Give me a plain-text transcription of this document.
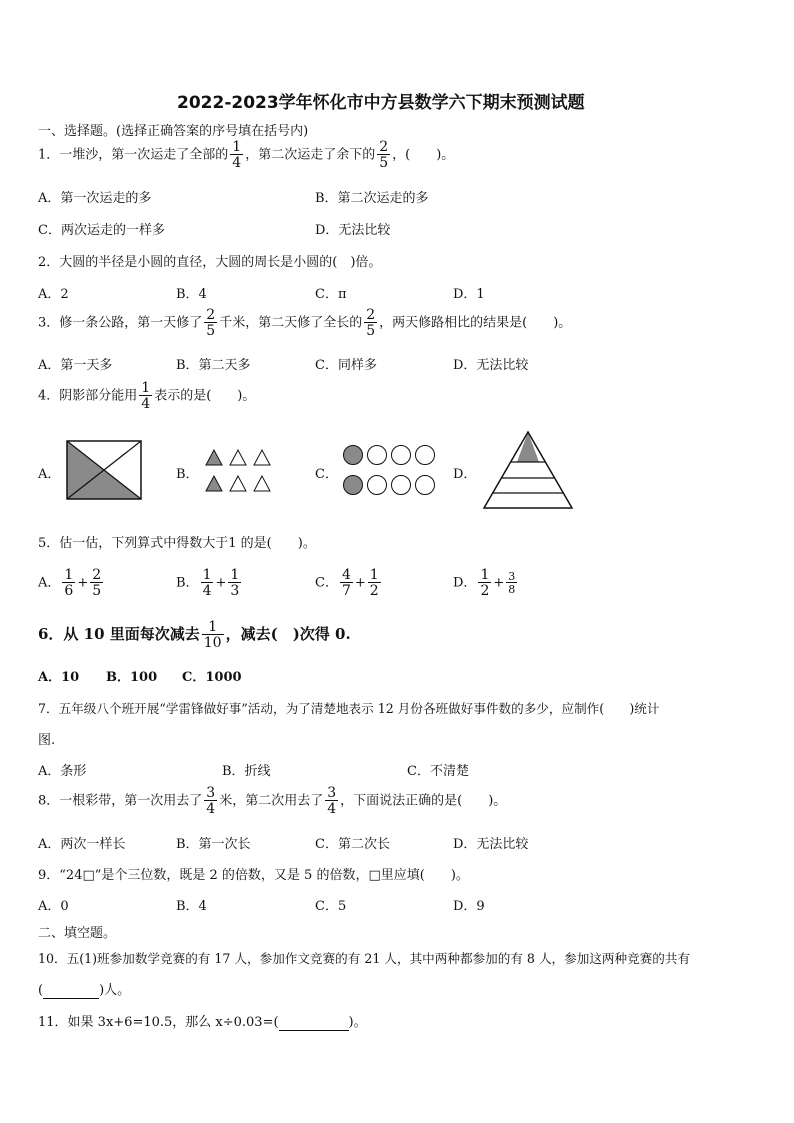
2022-2023学年怀化市中方县数学六下期末预测试题
一、选择题。(选择正确答案的序号填在括号内)
1．一堆沙，第一次运走了全部的 $\frac{1}{4}$ ，第二次运走了余下的 $\frac{2}{5}$ ，(　　)。
A．第一次运走的多	B．第二次运走的多
C．两次运走的一样多	D．无法比较
2．大圆的半径是小圆的直径，大圆的周长是小圆的(　)倍。
A．2	B．4	C．π	D．1
3．修一条公路，第一天修了 $\frac{2}{5}$ 千米，第二天修了全长的 $\frac{2}{5}$ ，两天修路相比的结果是(　　)。
A．第一天多	B．第二天多	C．同样多	D．无法比较
4．阴影部分能用 $\frac{1}{4}$ 表示的是(　　)。
A．	B．	C．	D．
5．估一估，下列算式中得数大于1 的是(　　)。
A． $\frac{1}{6} + \frac{2}{5}$	B． $\frac{1}{4} + \frac{1}{3}$	C． $\frac{4}{7} + \frac{1}{2}$	D． $\frac{1}{2} + \frac{3}{8}$
6．从 10 里面每次减去 $\frac{1}{10}$ ，减去(　)次得 0.
A．10 B．100 C．1000
7．五年级八个班开展“学雷锋做好事”活动，为了清楚地表示 12 月份各班做好事件数的多少，应制作(　　)统计
图.
A．条形	B．折线	C．不清楚
8．一根彩带，第一次用去了 $\frac{3}{4}$ 米，第二次用去了 $\frac{3}{4}$ ，下面说法正确的是(　　)。
A．两次一样长	B．第一次长	C．第二次长	D．无法比较
9．“24□”是个三位数，既是 2 的倍数，又是 5 的倍数，□里应填(　　)。
A．0	B．4	C．5	D．9
二、填空题。
10．五(1)班参加数学竞赛的有 17 人，参加作文竞赛的有 21 人，其中两种都参加的有 8 人，参加这两种竞赛的共有
(	)人。
11．如果 3x+6=10.5，那么 x÷0.03=(	)。
